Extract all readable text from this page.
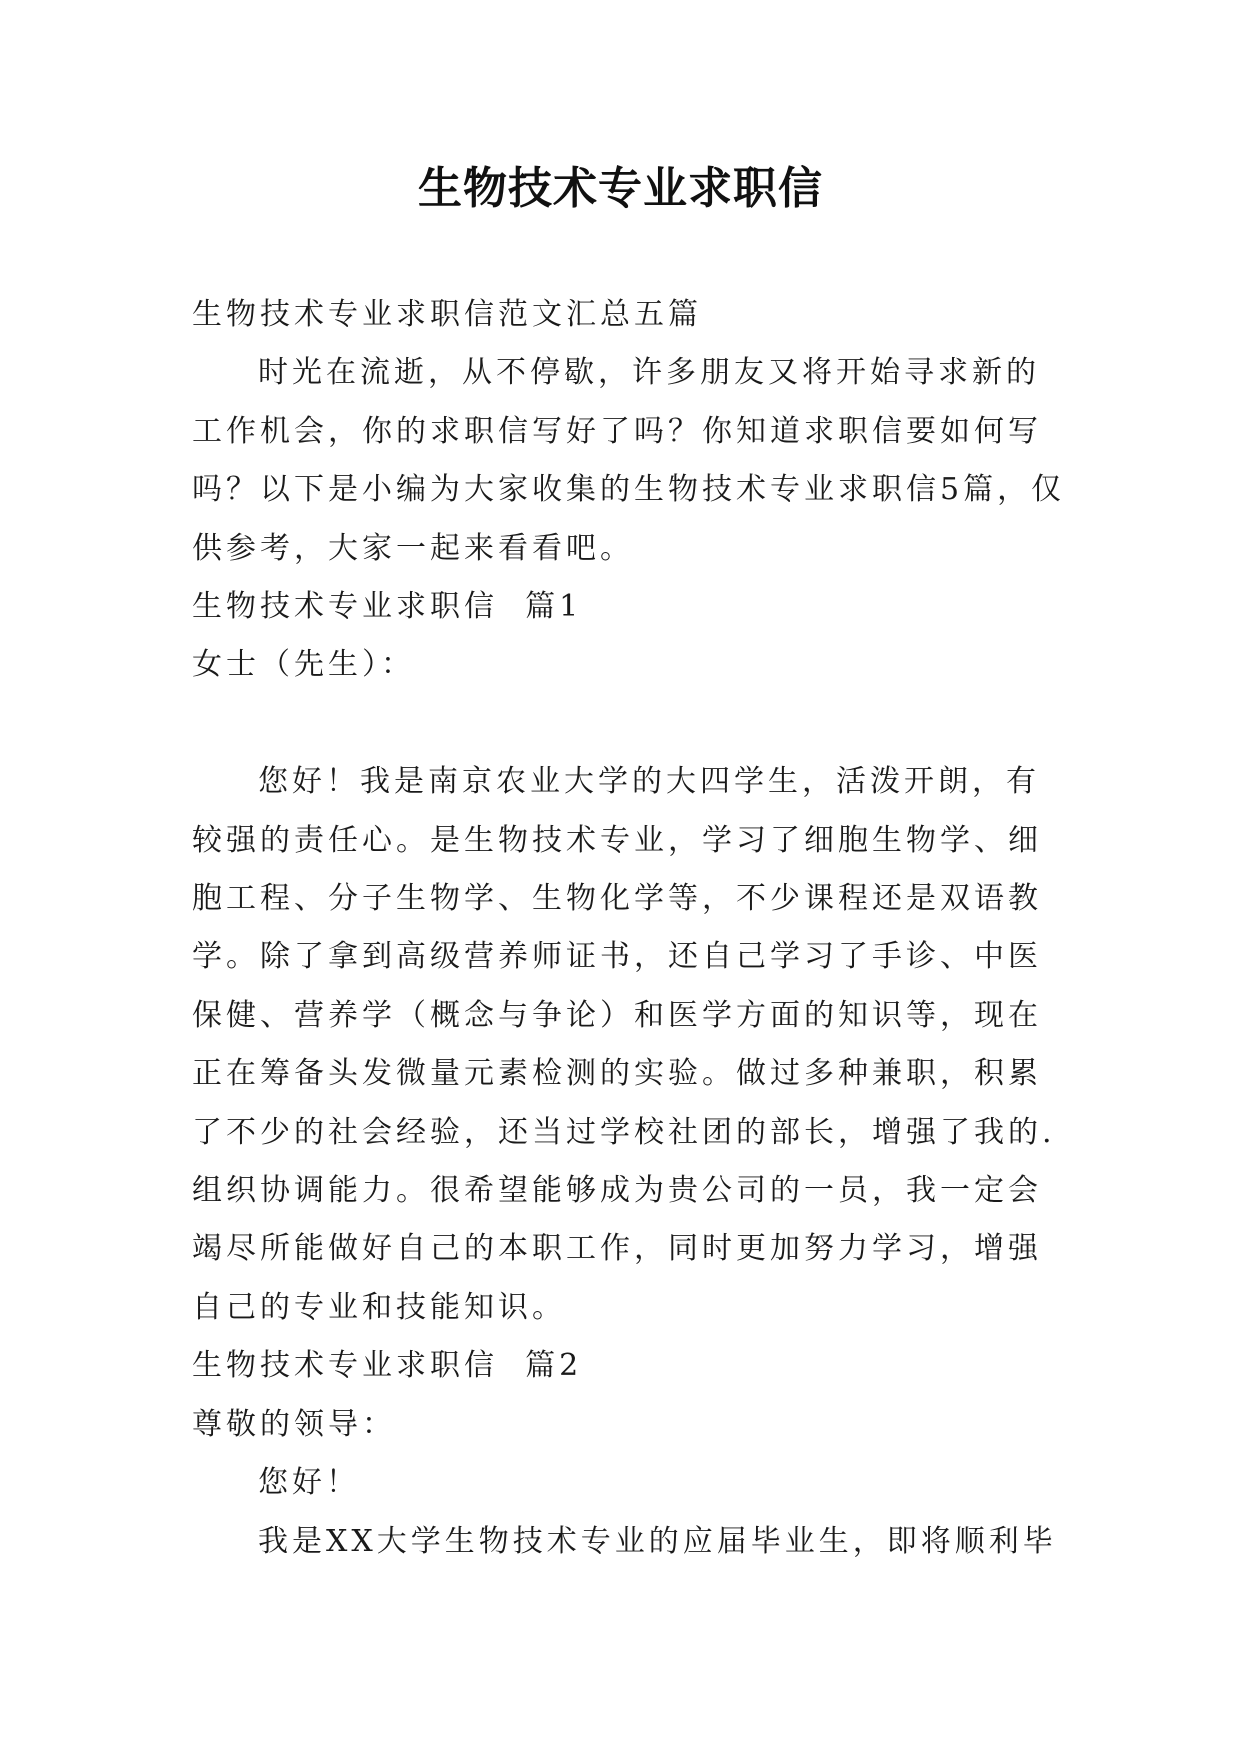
生物技术专业求职信

生物技术专业求职信范文汇总五篇

时光在流逝，从不停歇，许多朋友又将开始寻求新的工作机会，你的求职信写好了吗？你知道求职信要如何写吗？以下是小编为大家收集的生物技术专业求职信5篇，仅供参考，大家一起来看看吧。

生物技术专业求职信  篇1

女士（先生）：

您好！我是南京农业大学的大四学生，活泼开朗，有较强的责任心。是生物技术专业，学习了细胞生物学、细胞工程、分子生物学、生物化学等，不少课程还是双语教学。除了拿到高级营养师证书，还自己学习了手诊、中医保健、营养学（概念与争论）和医学方面的知识等，现在正在筹备头发微量元素检测的实验。做过多种兼职，积累了不少的社会经验，还当过学校社团的部长，增强了我的.组织协调能力。很希望能够成为贵公司的一员，我一定会竭尽所能做好自己的本职工作，同时更加努力学习，增强自己的专业和技能知识。

生物技术专业求职信  篇2

尊敬的领导：

您好！

我是XX大学生物技术专业的应届毕业生，即将顺利毕
